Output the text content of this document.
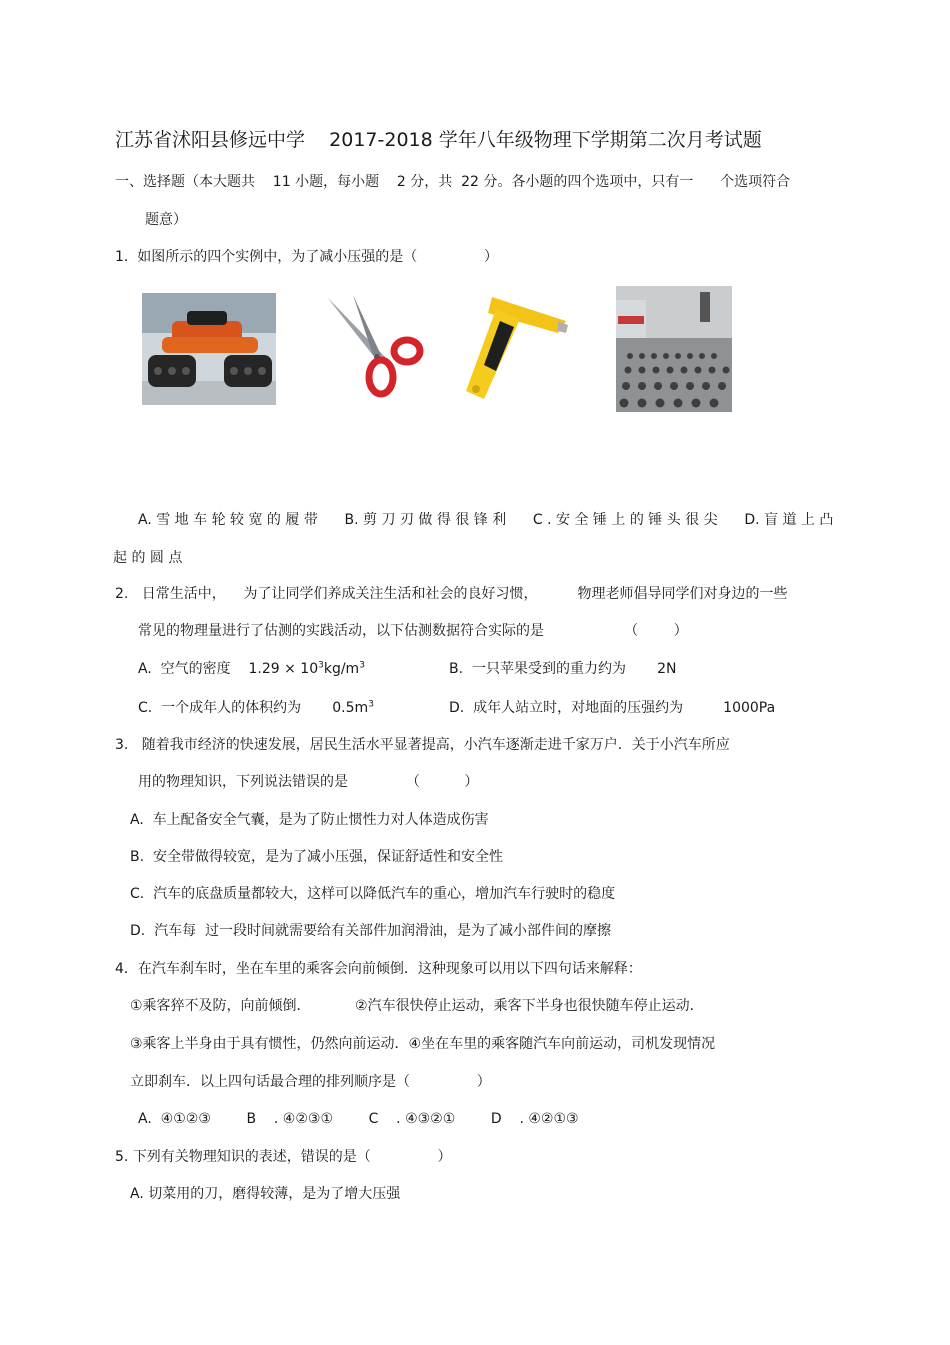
江苏省沭阳县修远中学    2017-2018 学年八年级物理下学期第二次月考试题
一、选择题（本大题共    11 小题，每小题    2 分，共  22 分。各小题的四个选项中，只有一      个选项符合
题意）
1.  如图所示的四个实例中，为了减小压强的是（               ）
A. 雪 地 车 轮 较 宽 的 履 带      B. 剪 刀 刃 做 得 很 锋 利      C . 安 全 锤 上 的 锤 头 很 尖      D. 盲 道 上 凸
起 的 圆 点
2.   日常生活中，    为了让同学们养成关注生活和社会的良好习惯，         物理老师倡导同学们对身边的一些
常见的物理量进行了估测的实践活动，以下估测数据符合实际的是                  （        ）
A.  空气的密度    $1.29 \times 10^3kg/m^3$	B.  一只苹果受到的重力约为       2N
C.  一个成年人的体积约为       $0.5m^3$	D.  成年人站立时，对地面的压强约为         1000Pa
3.   随着我市经济的快速发展，居民生活水平显著提高，小汽车逐渐走进千家万户．关于小汽车所应
用的物理知识，下列说法错误的是             （          ）
A.  车上配备安全气囊，是为了防止惯性力对人体造成伤害
B.  安全带做得较宽，是为了减小压强，保证舒适性和安全性
C.  汽车的底盘质量都较大，这样可以降低汽车的重心，增加汽车行驶时的稳度
D.  汽车每  过一段时间就需要给有关部件加润滑油，是为了减小部件间的摩擦
4．在汽车刹车时，坐在车里的乘客会向前倾倒．这种现象可以用以下四句话来解释：
①乘客猝不及防，向前倾倒．          ②汽车很快停止运动，乘客下半身也很快随车停止运动．
③乘客上半身由于具有惯性，仍然向前运动．④坐在车里的乘客随汽车向前运动，司机发现情况
立即刹车．以上四句话最合理的排列顺序是（               ）
A.  ④①②③        B    . ④②③①        C    . ④③②①        D    . ④②①③
5. 下列有关物理知识的表述，错误的是（               ）
A. 切菜用的刀，磨得较薄，是为了增大压强
